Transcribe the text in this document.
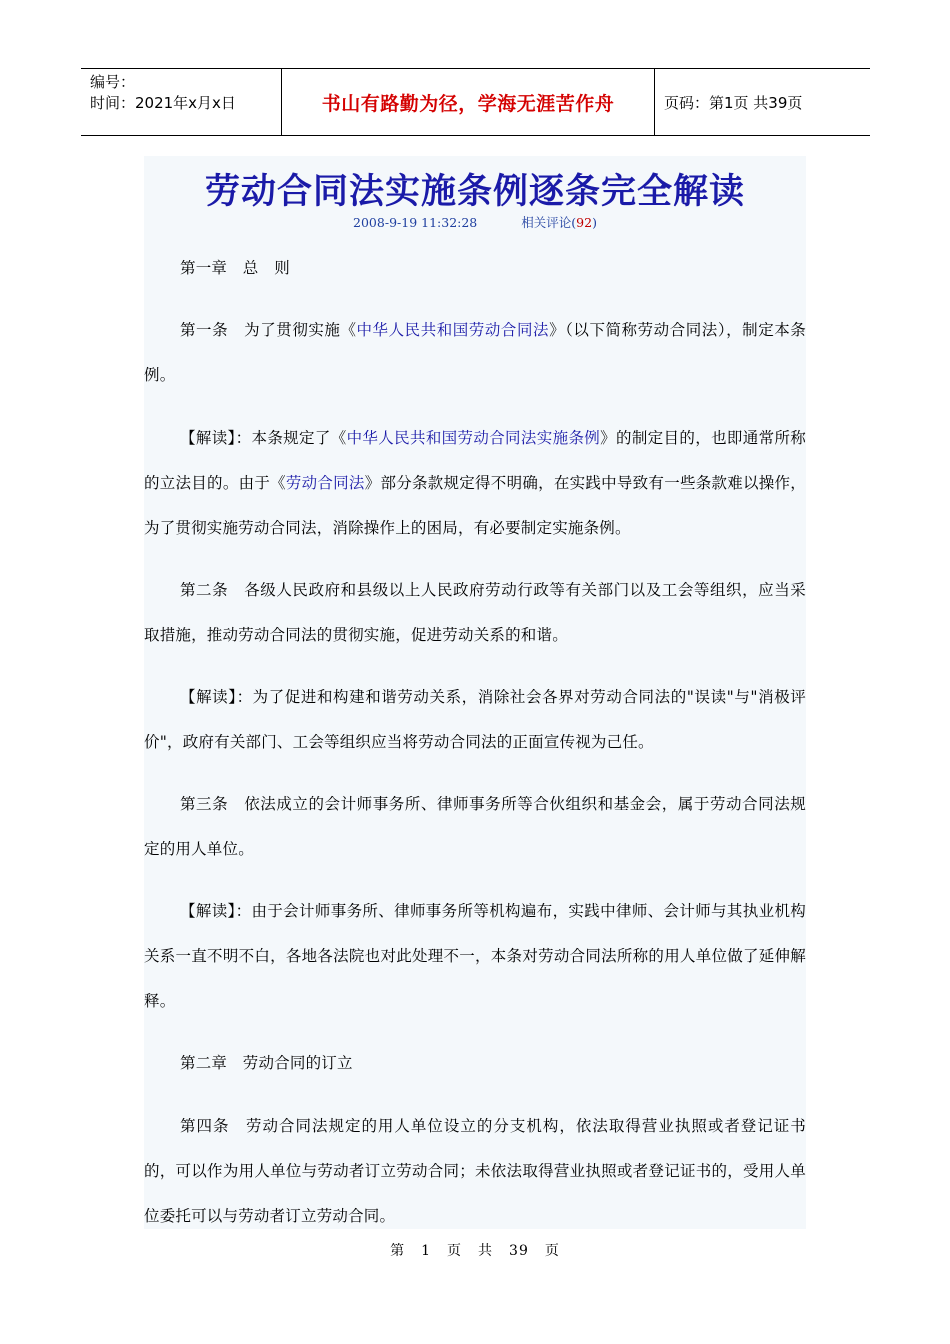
编号：
时间：2021年x月x日	书山有路勤为径，学海无涯苦作舟	页码：第1页 共39页
劳动合同法实施条例逐条完全解读
2008-9-19 11:32:28	相关评论(92)
第一章　总　则
第一条　为了贯彻实施《中华人民共和国劳动合同法》（以下简称劳动合同法），制定本条例。
【解读】：本条规定了《中华人民共和国劳动合同法实施条例》的制定目的，也即通常所称的立法目的。由于《劳动合同法》部分条款规定得不明确，在实践中导致有一些条款难以操作，为了贯彻实施劳动合同法，消除操作上的困局，有必要制定实施条例。
第二条　各级人民政府和县级以上人民政府劳动行政等有关部门以及工会等组织，应当采取措施，推动劳动合同法的贯彻实施，促进劳动关系的和谐。
【解读】：为了促进和构建和谐劳动关系，消除社会各界对劳动合同法的"误读"与"消极评价"，政府有关部门、工会等组织应当将劳动合同法的正面宣传视为己任。
第三条　依法成立的会计师事务所、律师事务所等合伙组织和基金会，属于劳动合同法规定的用人单位。
【解读】：由于会计师事务所、律师事务所等机构遍布，实践中律师、会计师与其执业机构关系一直不明不白，各地各法院也对此处理不一，本条对劳动合同法所称的用人单位做了延伸解释。
第二章　劳动合同的订立
第四条　劳动合同法规定的用人单位设立的分支机构，依法取得营业执照或者登记证书的，可以作为用人单位与劳动者订立劳动合同；未依法取得营业执照或者登记证书的，受用人单位委托可以与劳动者订立劳动合同。
第 1 页 共 39 页
